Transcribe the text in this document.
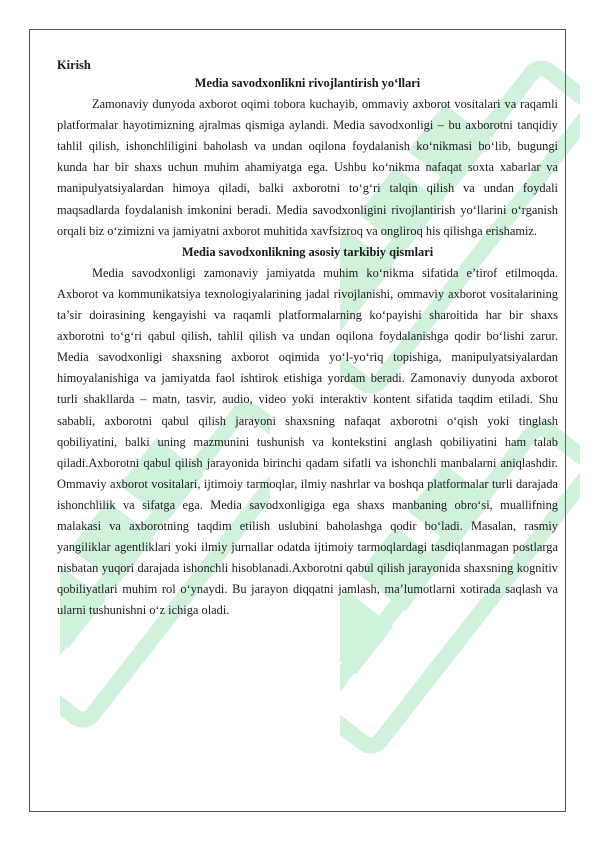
Kirish

Media savodxonlikni rivojlantirish yo‘llari

Zamonaviy dunyoda axborot oqimi tobora kuchayib, ommaviy axborot vositalari va raqamli platformalar hayotimizning ajralmas qismiga aylandi. Media savodxonligi – bu axborotni tanqidiy tahlil qilish, ishonchliligini baholash va undan oqilona foydalanish ko‘nikmasi bo‘lib, bugungi kunda har bir shaxs uchun muhim ahamiyatga ega. Ushbu ko‘nikma nafaqat soxta xabarlar va manipulyatsiyalardan himoya qiladi, balki axborotni to‘g‘ri talqin qilish va undan foydali maqsadlarda foydalanish imkonini beradi. Media savodxonligini rivojlantirish yo‘llarini o‘rganish orqali biz o‘zimizni va jamiyatni axborot muhitida xavfsizroq va ongliroq his qilishga erishamiz.

Media savodxonlikning asosiy tarkibiy qismlari

Media savodxonligi zamonaviy jamiyatda muhim ko‘nikma sifatida e’tirof etilmoqda. Axborot va kommunikatsiya texnologiyalarining jadal rivojlanishi, ommaviy axborot vositalarining ta’sir doirasining kengayishi va raqamli platformalarning ko‘payishi sharoitida har bir shaxs axborotni to‘g‘ri qabul qilish, tahlil qilish va undan oqilona foydalanishga qodir bo‘lishi zarur. Media savodxonligi shaxsning axborot oqimida yo‘l-yo‘riq topishiga, manipulyatsiyalardan himoyalanishiga va jamiyatda faol ishtirok etishiga yordam beradi. Zamonaviy dunyoda axborot turli shakllarda – matn, tasvir, audio, video yoki interaktiv kontent sifatida taqdim etiladi. Shu sababli, axborotni qabul qilish jarayoni shaxsning nafaqat axborotni o‘qish yoki tinglash qobiliyatini, balki uning mazmunini tushunish va kontekstini anglash qobiliyatini ham talab qiladi.Axborotni qabul qilish jarayonida birinchi qadam sifatli va ishonchli manbalarni aniqlashdir. Ommaviy axborot vositalari, ijtimoiy tarmoqlar, ilmiy nashrlar va boshqa platformalar turli darajada ishonchlilik va sifatga ega. Media savodxonligiga ega shaxs manbaning obro‘si, muallifning malakasi va axborotning taqdim etilish uslubini baholashga qodir bo‘ladi. Masalan, rasmiy yangiliklar agentliklari yoki ilmiy jurnallar odatda ijtimoiy tarmoqlardagi tasdiqlanmagan postlarga nisbatan yuqori darajada ishonchli hisoblanadi.Axborotni qabul qilish jarayonida shaxsning kognitiv qobiliyatlari muhim rol o‘ynaydi. Bu jarayon diqqatni jamlash, ma’lumotlarni xotirada saqlash va ularni tushunishni o‘z ichiga oladi.
